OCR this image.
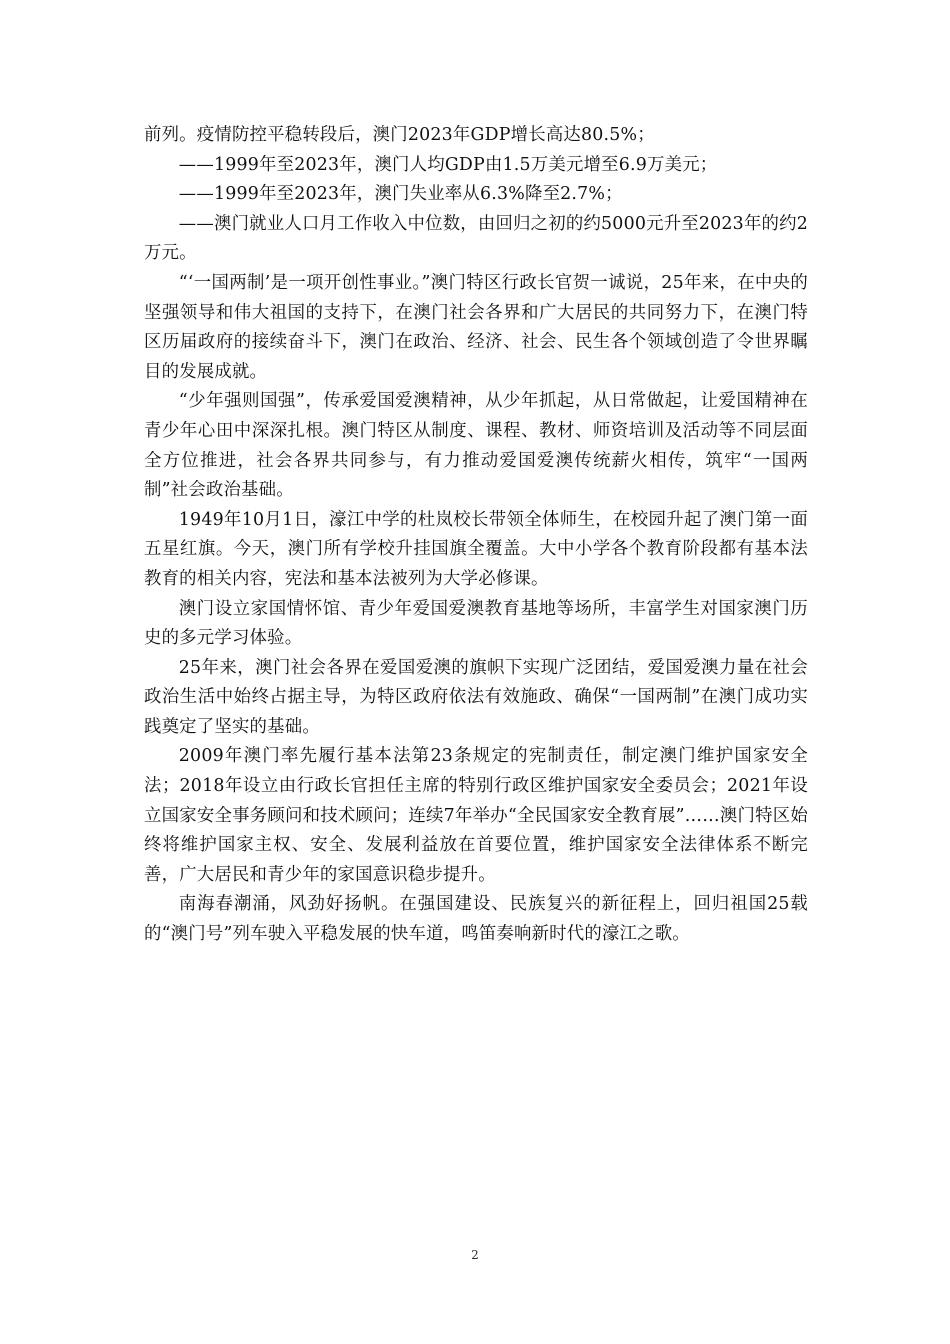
前列。疫情防控平稳转段后，澳门2023年GDP增长高达80.5%；

——1999年至2023年，澳门人均GDP由1.5万美元增至6.9万美元；

——1999年至2023年，澳门失业率从6.3%降至2.7%；

——澳门就业人口月工作收入中位数，由回归之初的约5000元升至2023年的约2万元。

“‘一国两制’是一项开创性事业。”澳门特区行政长官贺一诚说，25年来，在中央的坚强领导和伟大祖国的支持下，在澳门社会各界和广大居民的共同努力下，在澳门特区历届政府的接续奋斗下，澳门在政治、经济、社会、民生各个领域创造了令世界瞩目的发展成就。

“少年强则国强”，传承爱国爱澳精神，从少年抓起，从日常做起，让爱国精神在青少年心田中深深扎根。澳门特区从制度、课程、教材、师资培训及活动等不同层面全方位推进，社会各界共同参与，有力推动爱国爱澳传统薪火相传，筑牢“一国两制”社会政治基础。

1949年10月1日，濠江中学的杜岚校长带领全体师生，在校园升起了澳门第一面五星红旗。今天，澳门所有学校升挂国旗全覆盖。大中小学各个教育阶段都有基本法教育的相关内容，宪法和基本法被列为大学必修课。

澳门设立家国情怀馆、青少年爱国爱澳教育基地等场所，丰富学生对国家澳门历史的多元学习体验。

25年来，澳门社会各界在爱国爱澳的旗帜下实现广泛团结，爱国爱澳力量在社会政治生活中始终占据主导，为特区政府依法有效施政、确保“一国两制”在澳门成功实践奠定了坚实的基础。

2009年澳门率先履行基本法第23条规定的宪制责任，制定澳门维护国家安全法；2018年设立由行政长官担任主席的特别行政区维护国家安全委员会；2021年设立国家安全事务顾问和技术顾问；连续7年举办“全民国家安全教育展”……澳门特区始终将维护国家主权、安全、发展利益放在首要位置，维护国家安全法律体系不断完善，广大居民和青少年的家国意识稳步提升。

南海春潮涌，风劲好扬帆。在强国建设、民族复兴的新征程上，回归祖国25载的“澳门号”列车驶入平稳发展的快车道，鸣笛奏响新时代的濠江之歌。

2
